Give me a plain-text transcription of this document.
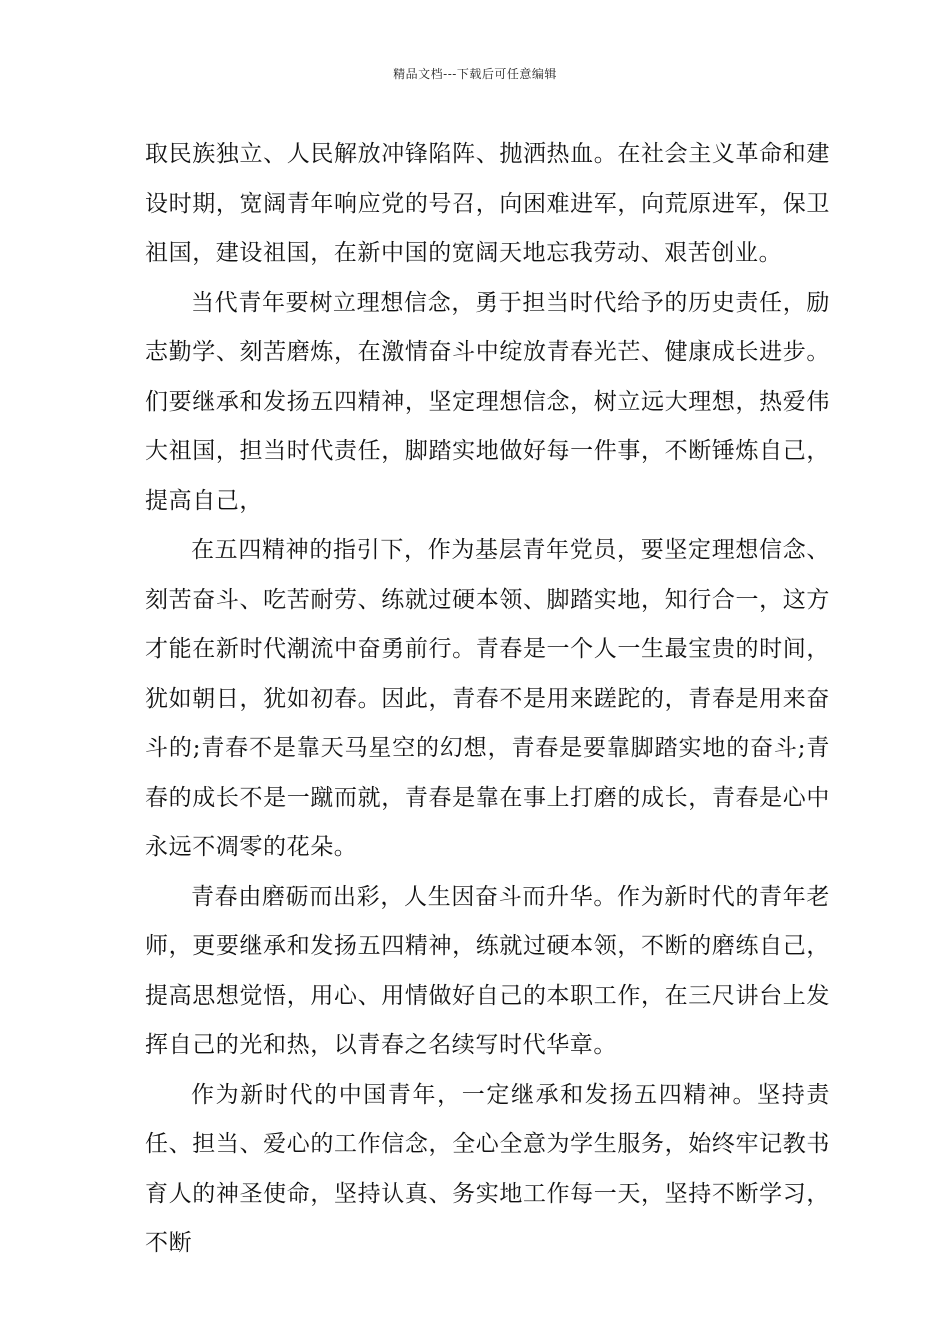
精品文档---下载后可任意编辑

取民族独立、人民解放冲锋陷阵、抛洒热血。在社会主义革命和建设时期，宽阔青年响应党的号召，向困难进军，向荒原进军，保卫祖国，建设祖国，在新中国的宽阔天地忘我劳动、艰苦创业。

当代青年要树立理想信念，勇于担当时代给予的历史责任，励志勤学、刻苦磨炼，在激情奋斗中绽放青春光芒、健康成长进步。们要继承和发扬五四精神，坚定理想信念，树立远大理想，热爱伟大祖国，担当时代责任，脚踏实地做好每一件事，不断锤炼自己，提高自己，

在五四精神的指引下，作为基层青年党员，要坚定理想信念、刻苦奋斗、吃苦耐劳、练就过硬本领、脚踏实地，知行合一，这方才能在新时代潮流中奋勇前行。青春是一个人一生最宝贵的时间，犹如朝日，犹如初春。因此，青春不是用来蹉跎的，青春是用来奋斗的;青春不是靠天马星空的幻想，青春是要靠脚踏实地的奋斗;青春的成长不是一蹴而就，青春是靠在事上打磨的成长，青春是心中永远不凋零的花朵。

青春由磨砺而出彩，人生因奋斗而升华。作为新时代的青年老师，更要继承和发扬五四精神，练就过硬本领，不断的磨练自己，提高思想觉悟，用心、用情做好自己的本职工作，在三尺讲台上发挥自己的光和热，以青春之名续写时代华章。

作为新时代的中国青年，一定继承和发扬五四精神。坚持责任、担当、爱心的工作信念，全心全意为学生服务，始终牢记教书育人的神圣使命，坚持认真、务实地工作每一天，坚持不断学习，不断
